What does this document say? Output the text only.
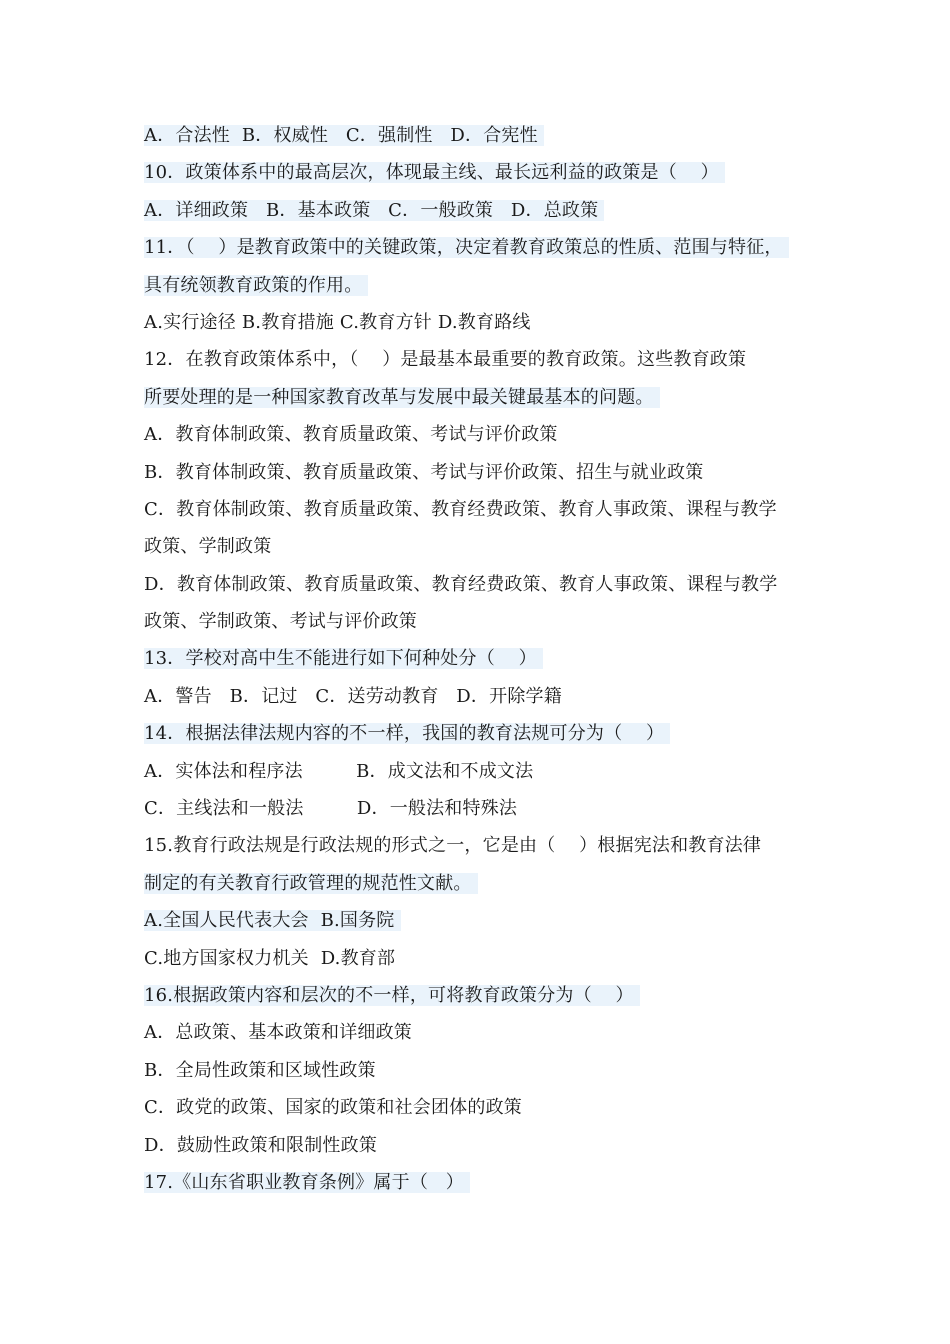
A．合法性  B．权威性   C．强制性   D．合宪性
10．政策体系中的最高层次，体现最主线、最长远利益的政策是（    ）
A．详细政策   B．基本政策   C．一般政策   D．总政策
11．（    ）是教育政策中的关键政策，决定着教育政策总的性质、范围与特征，
具有统领教育政策的作用。
A.实行途径 B.教育措施 C.教育方针 D.教育路线
12．在教育政策体系中，（    ）是最基本最重要的教育政策。这些教育政策
所要处理的是一种国家教育改革与发展中最关键最基本的问题。
A．教育体制政策、教育质量政策、考试与评价政策
B．教育体制政策、教育质量政策、考试与评价政策、招生与就业政策
C．教育体制政策、教育质量政策、教育经费政策、教育人事政策、课程与教学
政策、学制政策
D．教育体制政策、教育质量政策、教育经费政策、教育人事政策、课程与教学
政策、学制政策、考试与评价政策
13．学校对高中生不能进行如下何种处分（    ）
A．警告   B．记过   C．送劳动教育   D．开除学籍
14．根据法律法规内容的不一样，我国的教育法规可分为（    ）
A．实体法和程序法         B．成文法和不成文法
C．主线法和一般法         D．一般法和特殊法
15.教育行政法规是行政法规的形式之一，它是由（    ）根据宪法和教育法律
制定的有关教育行政管理的规范性文献。
A.全国人民代表大会  B.国务院
C.地方国家权力机关  D.教育部
16.根据政策内容和层次的不一样，可将教育政策分为（    ）
A．总政策、基本政策和详细政策
B．全局性政策和区域性政策
C．政党的政策、国家的政策和社会团体的政策
D．鼓励性政策和限制性政策
17.《山东省职业教育条例》属于（   ）
